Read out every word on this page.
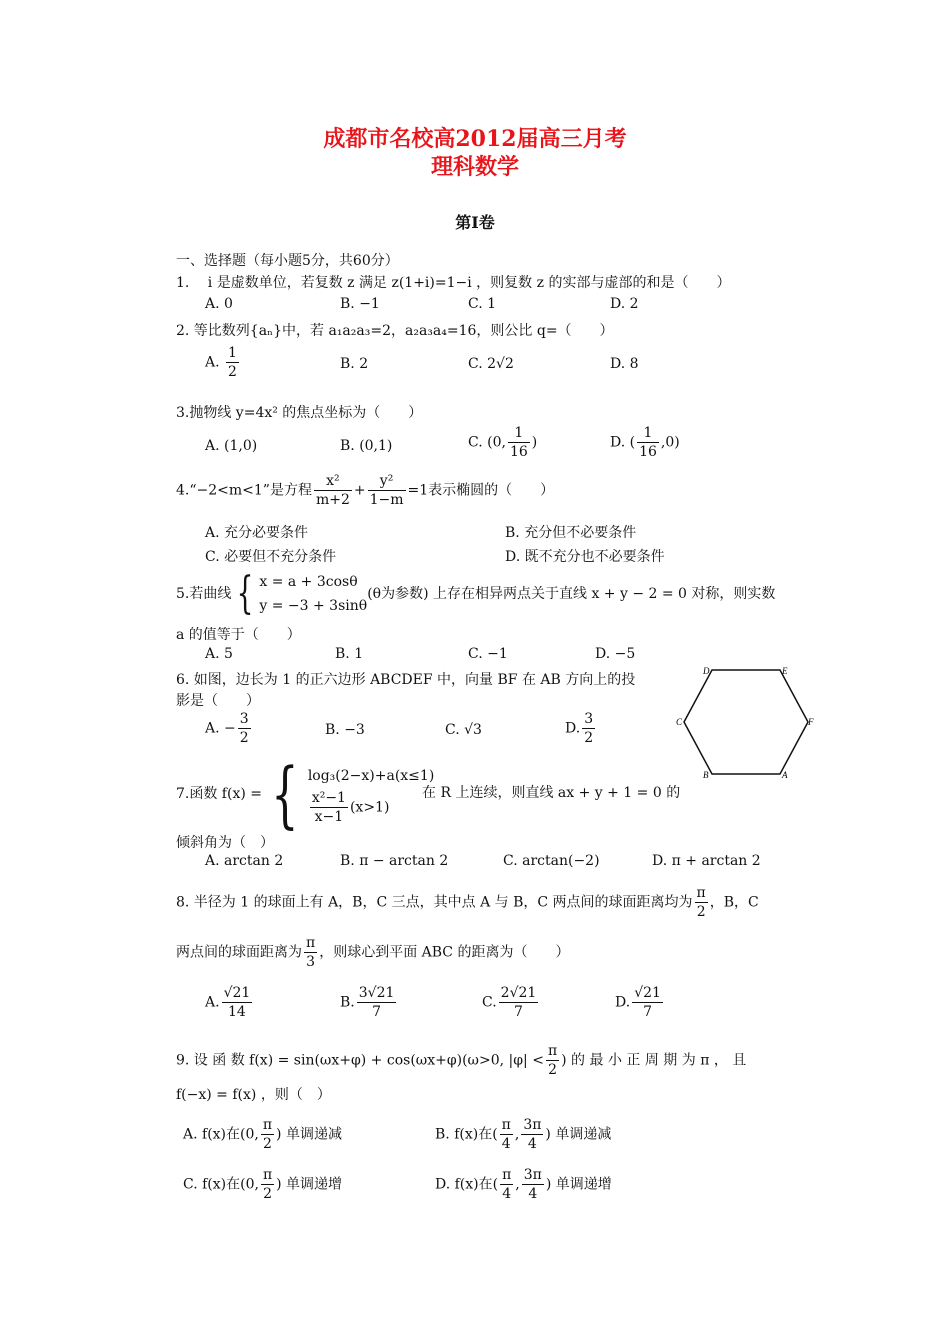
成都市名校高2012届高三月考
理科数学
第Ⅰ卷
一、选择题（每小题5分，共60分）
1.　 i 是虚数单位，若复数 z 满足 z(1+i)=1−i ，则复数 z 的实部与虚部的和是（　　）
A. 0	B. −1	C. 1	D. 2
2. 等比数列{aₙ}中，若 a₁a₂a₃=2，a₂a₃a₄=16，则公比 q=（　　）
A. $\frac{1}{2}$	B. 2	C. 2√2	D. 8
3.抛物线 y=4x² 的焦点坐标为（　　）
A. (1,0)	B. (0,1)	C. (0, $\frac{1}{16}$ )	D. ( $\frac{1}{16} ,0$)
4.“−2<m<1”是方程 $\frac{\text{x²}}{m+2} + \frac{\text{y²}}{1-m} =1$表示椭圆的（　　）
A. 充分必要条件	B. 充分但不必要条件
C. 必要但不充分条件	D. 既不充分也不必要条件
5.若曲线 { x = a + 3cosθ
y = −3 + 3sinθ
(θ为参数) 上存在相异两点关于直线 x + y − 2 = 0 对称，则实数
a 的值等于（　　）
A. 5	B. 1	C. −1	D. −5
6. 如图，边长为 1 的正六边形 ABCDEF 中，向量 BF 在 AB 方向上的投
影是（　　）
A. − $\frac{3}{2}$	B. −3	C. √3	D. $\frac{3}{2}$
D	E
C	F
B	A
7.函数 f(x) = { log₃(2−x)+a(x≤1)
$\frac{\text{x²−1}}{x-1} (x>1)$
在 R 上连续，则直线 ax + y + 1 = 0 的
倾斜角为（　）
A. arctan 2	B. π − arctan 2	C. arctan(−2)	D. π + arctan 2
8. 半径为 1 的球面上有 A，B，C 三点，其中点 A 与 B，C 两点间的球面距离均为 $\frac{\pi}{2}$ ，B，C
两点间的球面距离为 $\frac{\pi}{3}$ ，则球心到平面 ABC 的距离为（　　）
A. $\frac{√21}{14}$	B. $\frac{3√21}{7}$	C. $\frac{2√21}{7}$	D. $\frac{√21}{7}$
9. 设 函 数 f(x) = sin(ωx+φ) + cos(ωx+φ)(ω>0, $|\varphi| < \frac{\pi}{2}$ ) 的 最 小 正 周 期 为 π ， 且
f(−x) = f(x) ，则（　）
A. f(x)在(0, $\frac{\pi}{2}$ ) 单调递减	B. f(x)在( $\frac{\pi}{4}$ , $\frac{3\pi}{4}$ ) 单调递减
C. f(x)在(0, $\frac{\pi}{2}$ ) 单调递增	D. f(x)在( $\frac{\pi}{4}$ , $\frac{3\pi}{4}$ ) 单调递增
